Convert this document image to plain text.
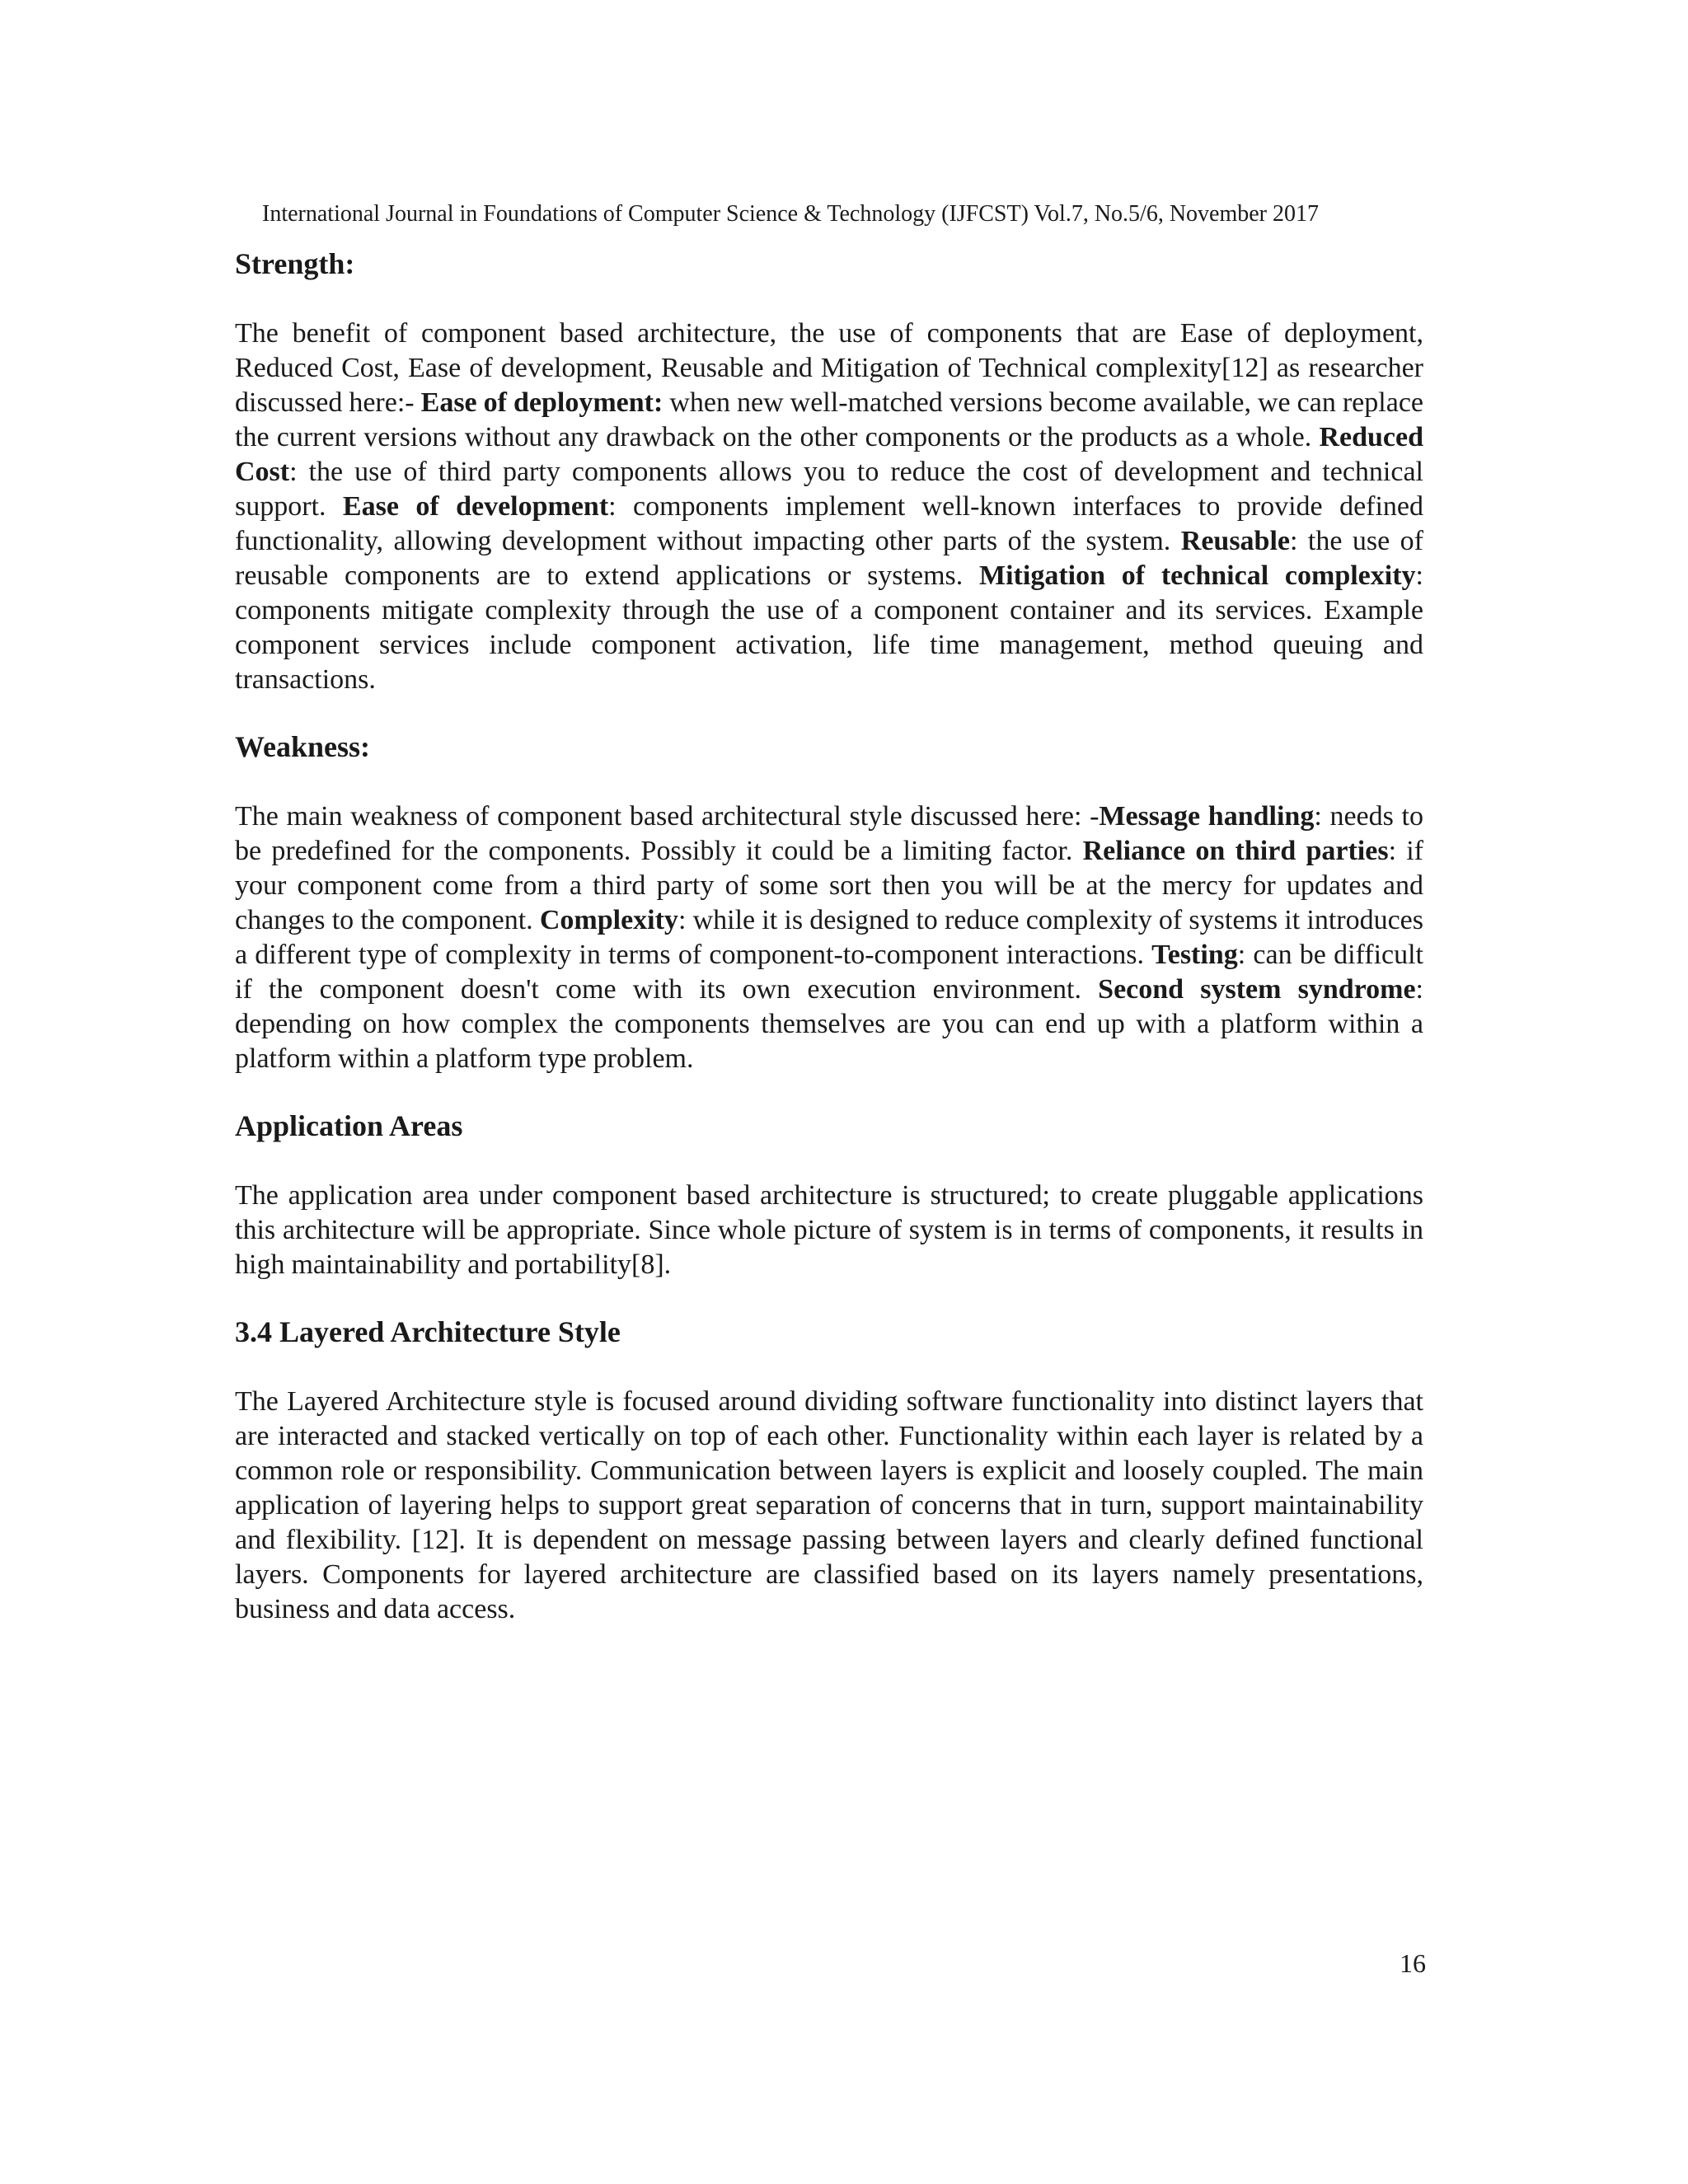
International Journal in Foundations of Computer Science & Technology (IJFCST) Vol.7, No.5/6, November 2017
Strength:

The benefit of component based architecture, the use of components that are Ease of deployment, Reduced Cost, Ease of development, Reusable and Mitigation of Technical complexity[12] as researcher discussed here:- Ease of deployment: when new well-matched versions become available, we can replace the current versions without any drawback on the other components or the products as a whole. Reduced Cost: the use of third party components allows you to reduce the cost of development and technical support. Ease of development: components implement well-known interfaces to provide defined functionality, allowing development without impacting other parts of the system. Reusable: the use of reusable components are to extend applications or systems. Mitigation of technical complexity: components mitigate complexity through the use of a component container and its services. Example component services include component activation, life time management, method queuing and transactions.

Weakness:

The main weakness of component based architectural style discussed here: -Message handling: needs to be predefined for the components. Possibly it could be a limiting factor. Reliance on third parties: if your component come from a third party of some sort then you will be at the mercy for updates and changes to the component. Complexity: while it is designed to reduce complexity of systems it introduces a different type of complexity in terms of component-to-component interactions. Testing: can be difficult if the component doesn't come with its own execution environment. Second system syndrome: depending on how complex the components themselves are you can end up with a platform within a platform within a platform type problem.

Application Areas

The application area under component based architecture is structured; to create pluggable applications this architecture will be appropriate. Since whole picture of system is in terms of components, it results in high maintainability and portability[8].

3.4 Layered Architecture Style

The Layered Architecture style is focused around dividing software functionality into distinct layers that are interacted and stacked vertically on top of each other. Functionality within each layer is related by a common role or responsibility. Communication between layers is explicit and loosely coupled. The main application of layering helps to support great separation of concerns that in turn, support maintainability and flexibility. [12]. It is dependent on message passing between layers and clearly defined functional layers. Components for layered architecture are classified based on its layers namely presentations, business and data access.

16
